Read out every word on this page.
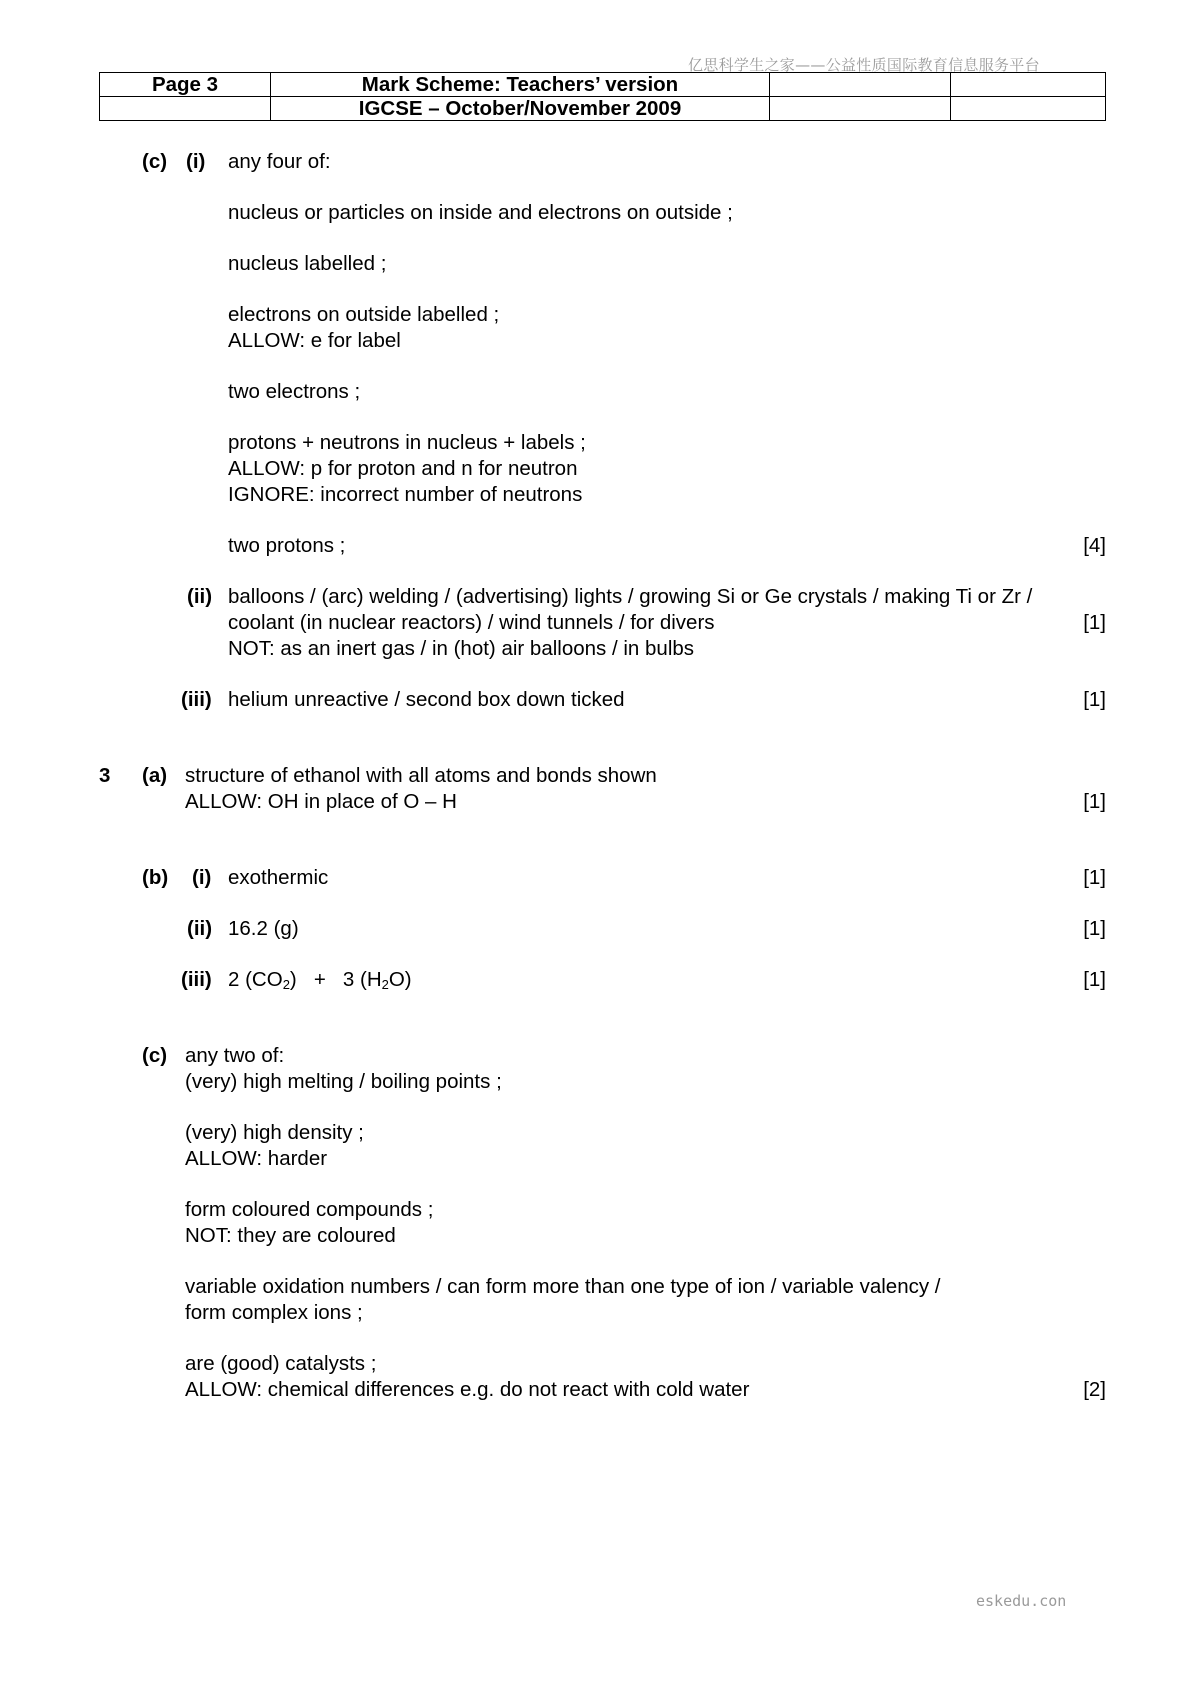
亿思科学生之家——公益性质国际教育信息服务平台
Page 3	Mark Scheme: Teachers’ version		
	IGCSE – October/November 2009		
(c) (i) any four of:
nucleus or particles on inside and electrons on outside ;
nucleus labelled ;
electrons on outside labelled ;
ALLOW: e for label
two electrons ;
protons + neutrons in nucleus + labels ;
ALLOW: p for proton and n for neutron
IGNORE: incorrect number of neutrons
two protons ;	[4]
(ii) balloons / (arc) welding / (advertising) lights / growing Si or Ge crystals / making Ti or Zr /
coolant (in nuclear reactors) / wind tunnels / for divers	[1]
NOT: as an inert gas / in (hot) air balloons / in bulbs
(iii) helium unreactive / second box down ticked	[1]
3 (a) structure of ethanol with all atoms and bonds shown
ALLOW: OH in place of O – H	[1]
(b) (i) exothermic	[1]
(ii) 16.2 (g)	[1]
(iii) 2 $(CO_2) + 3$ $(H_2O)$	[1]
(c) any two of:
(very) high melting / boiling points ;
(very) high density ;
ALLOW: harder
form coloured compounds ;
NOT: they are coloured
variable oxidation numbers / can form more than one type of ion / variable valency /
form complex ions ;
are (good) catalysts ;
ALLOW: chemical differences e.g. do not react with cold water	[2]
eskedu.con
